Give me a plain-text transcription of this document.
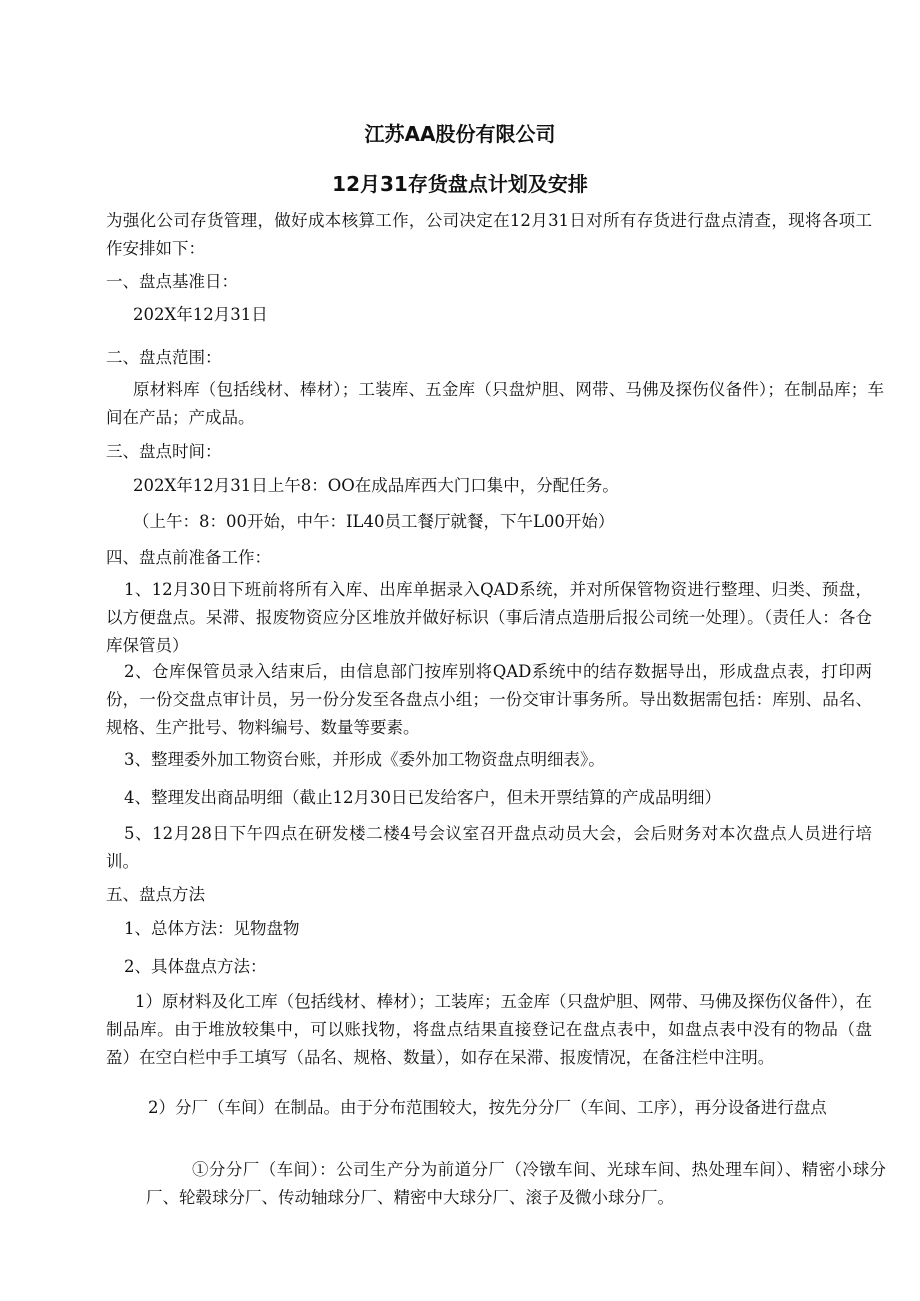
江苏AA股份有限公司
12月31存货盘点计划及安排
为强化公司存货管理，做好成本核算工作，公司决定在12月31日对所有存货进行盘点清查，现将各项工作安排如下：
一、盘点基准日：
202X年12月31日
二、盘点范围：
原材料库（包括线材、棒材）；工装库、五金库（只盘炉胆、网带、马佛及探伤仪备件）；在制品库；车间在产品；产成品。
三、盘点时间：
202X年12月31日上午8：OO在成品库西大门口集中，分配任务。
（上午：8：00开始，中午：IL40员工餐厅就餐，下午L00开始）
四、盘点前准备工作：
1、12月30日下班前将所有入库、出库单据录入QAD系统，并对所保管物资进行整理、归类、预盘，以方便盘点。呆滞、报废物资应分区堆放并做好标识（事后清点造册后报公司统一处理）。（责任人：各仓库保管员）
2、仓库保管员录入结束后，由信息部门按库别将QAD系统中的结存数据导出，形成盘点表，打印两份，一份交盘点审计员，另一份分发至各盘点小组；一份交审计事务所。导出数据需包括：库别、品名、规格、生产批号、物料编号、数量等要素。
3、整理委外加工物资台账，并形成《委外加工物资盘点明细表》。
4、整理发出商品明细（截止12月30日已发给客户，但未开票结算的产成品明细）
5、12月28日下午四点在研发楼二楼4号会议室召开盘点动员大会，会后财务对本次盘点人员进行培训。
五、盘点方法
1、总体方法：见物盘物
2、具体盘点方法：
1）原材料及化工库（包括线材、棒材）；工装库；五金库（只盘炉胆、网带、马佛及探伤仪备件），在制品库。由于堆放较集中，可以账找物，将盘点结果直接登记在盘点表中，如盘点表中没有的物品（盘盈）在空白栏中手工填写（品名、规格、数量），如存在呆滞、报废情况，在备注栏中注明。
2）分厂（车间）在制品。由于分布范围较大，按先分分厂（车间、工序），再分设备进行盘点
①分分厂（车间）：公司生产分为前道分厂（冷镦车间、光球车间、热处理车间）、精密小球分厂、轮毂球分厂、传动轴球分厂、精密中大球分厂、滚子及微小球分厂。
